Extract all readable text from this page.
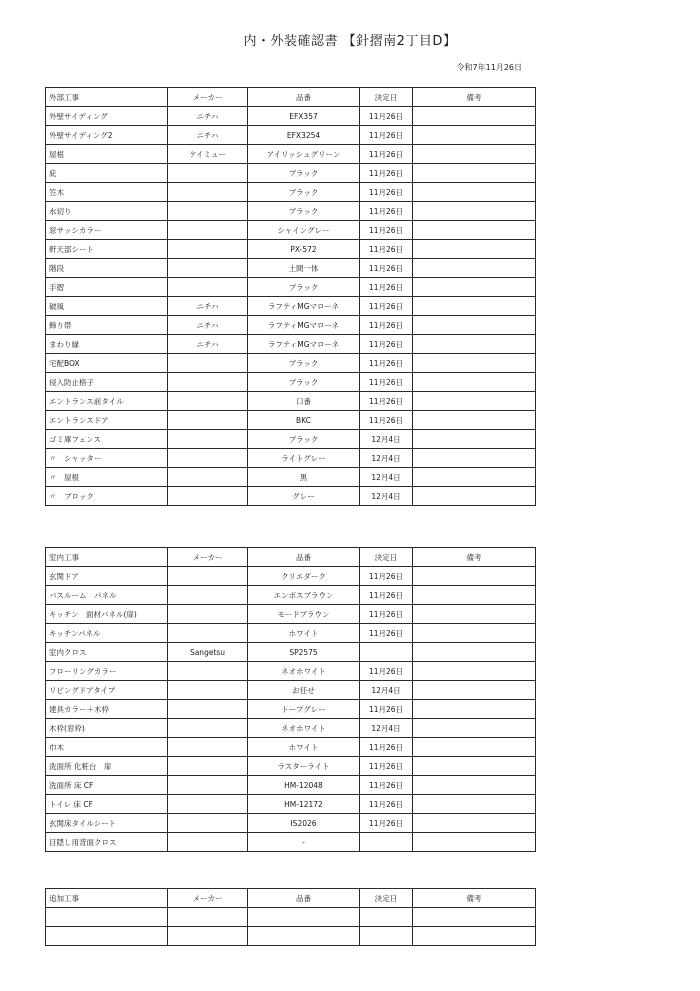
内・外装確認書 【針摺南2丁目D】
令和7年11月26日
外部工事	メーカー	品番	決定日	備考
外壁サイディング	ニチハ	EFX357	11月26日	
外壁サイディング2	ニチハ	EFX3254	11月26日	
屋根	ケイミュー	アイリッシュグリーン	11月26日	
庇		ブラック	11月26日	
笠木		ブラック	11月26日	
水切り		ブラック	11月26日	
窓サッシカラー		シャイングレー	11月26日	
軒天部シート		PX-572	11月26日	
階段		土間一体	11月26日	
手摺		ブラック	11月26日	
破風	ニチハ	ラフティMGマローネ	11月26日	
飾り帯	ニチハ	ラフティMGマローネ	11月26日	
まわり縁	ニチハ	ラフティMGマローネ	11月26日	
宅配BOX		ブラック	11月26日	
侵入防止格子		ブラック	11月26日	
エントランス前タイル		口番	11月26日	
エントランスドア		BKC	11月26日	
ゴミ庫フェンス		ブラック	12月4日	
〃　シャッター		ライトグレー	12月4日	
〃　屋根		黒	12月4日	
〃　ブロック		グレー	12月4日	
室内工事	メーカー	品番	決定日	備考
玄関ドア		クリエダーク	11月26日	
バスルーム　パネル		エンボスブラウン	11月26日	
キッチン　面材パネル(扉)		モードブラウン	11月26日	
キッチンパネル		ホワイト	11月26日	
室内クロス	Sangetsu	SP2575		
フローリングカラー		ネオホワイト	11月26日	
リビングドアタイプ		お任せ	12月4日	
建具カラー＋木枠		トープグレー	11月26日	
木枠(窓枠)		ネオホワイト	12月4日	
巾木		ホワイト	11月26日	
洗面所 化粧台　扉		ラスターライト	11月26日	
洗面所 床 CF		HM-12048	11月26日	
トイレ 床 CF		HM-12172	11月26日	
玄関床タイルシート		IS2026	11月26日	
目隠し用背面クロス		-		
追加工事	メーカー	品番	決定日	備考
